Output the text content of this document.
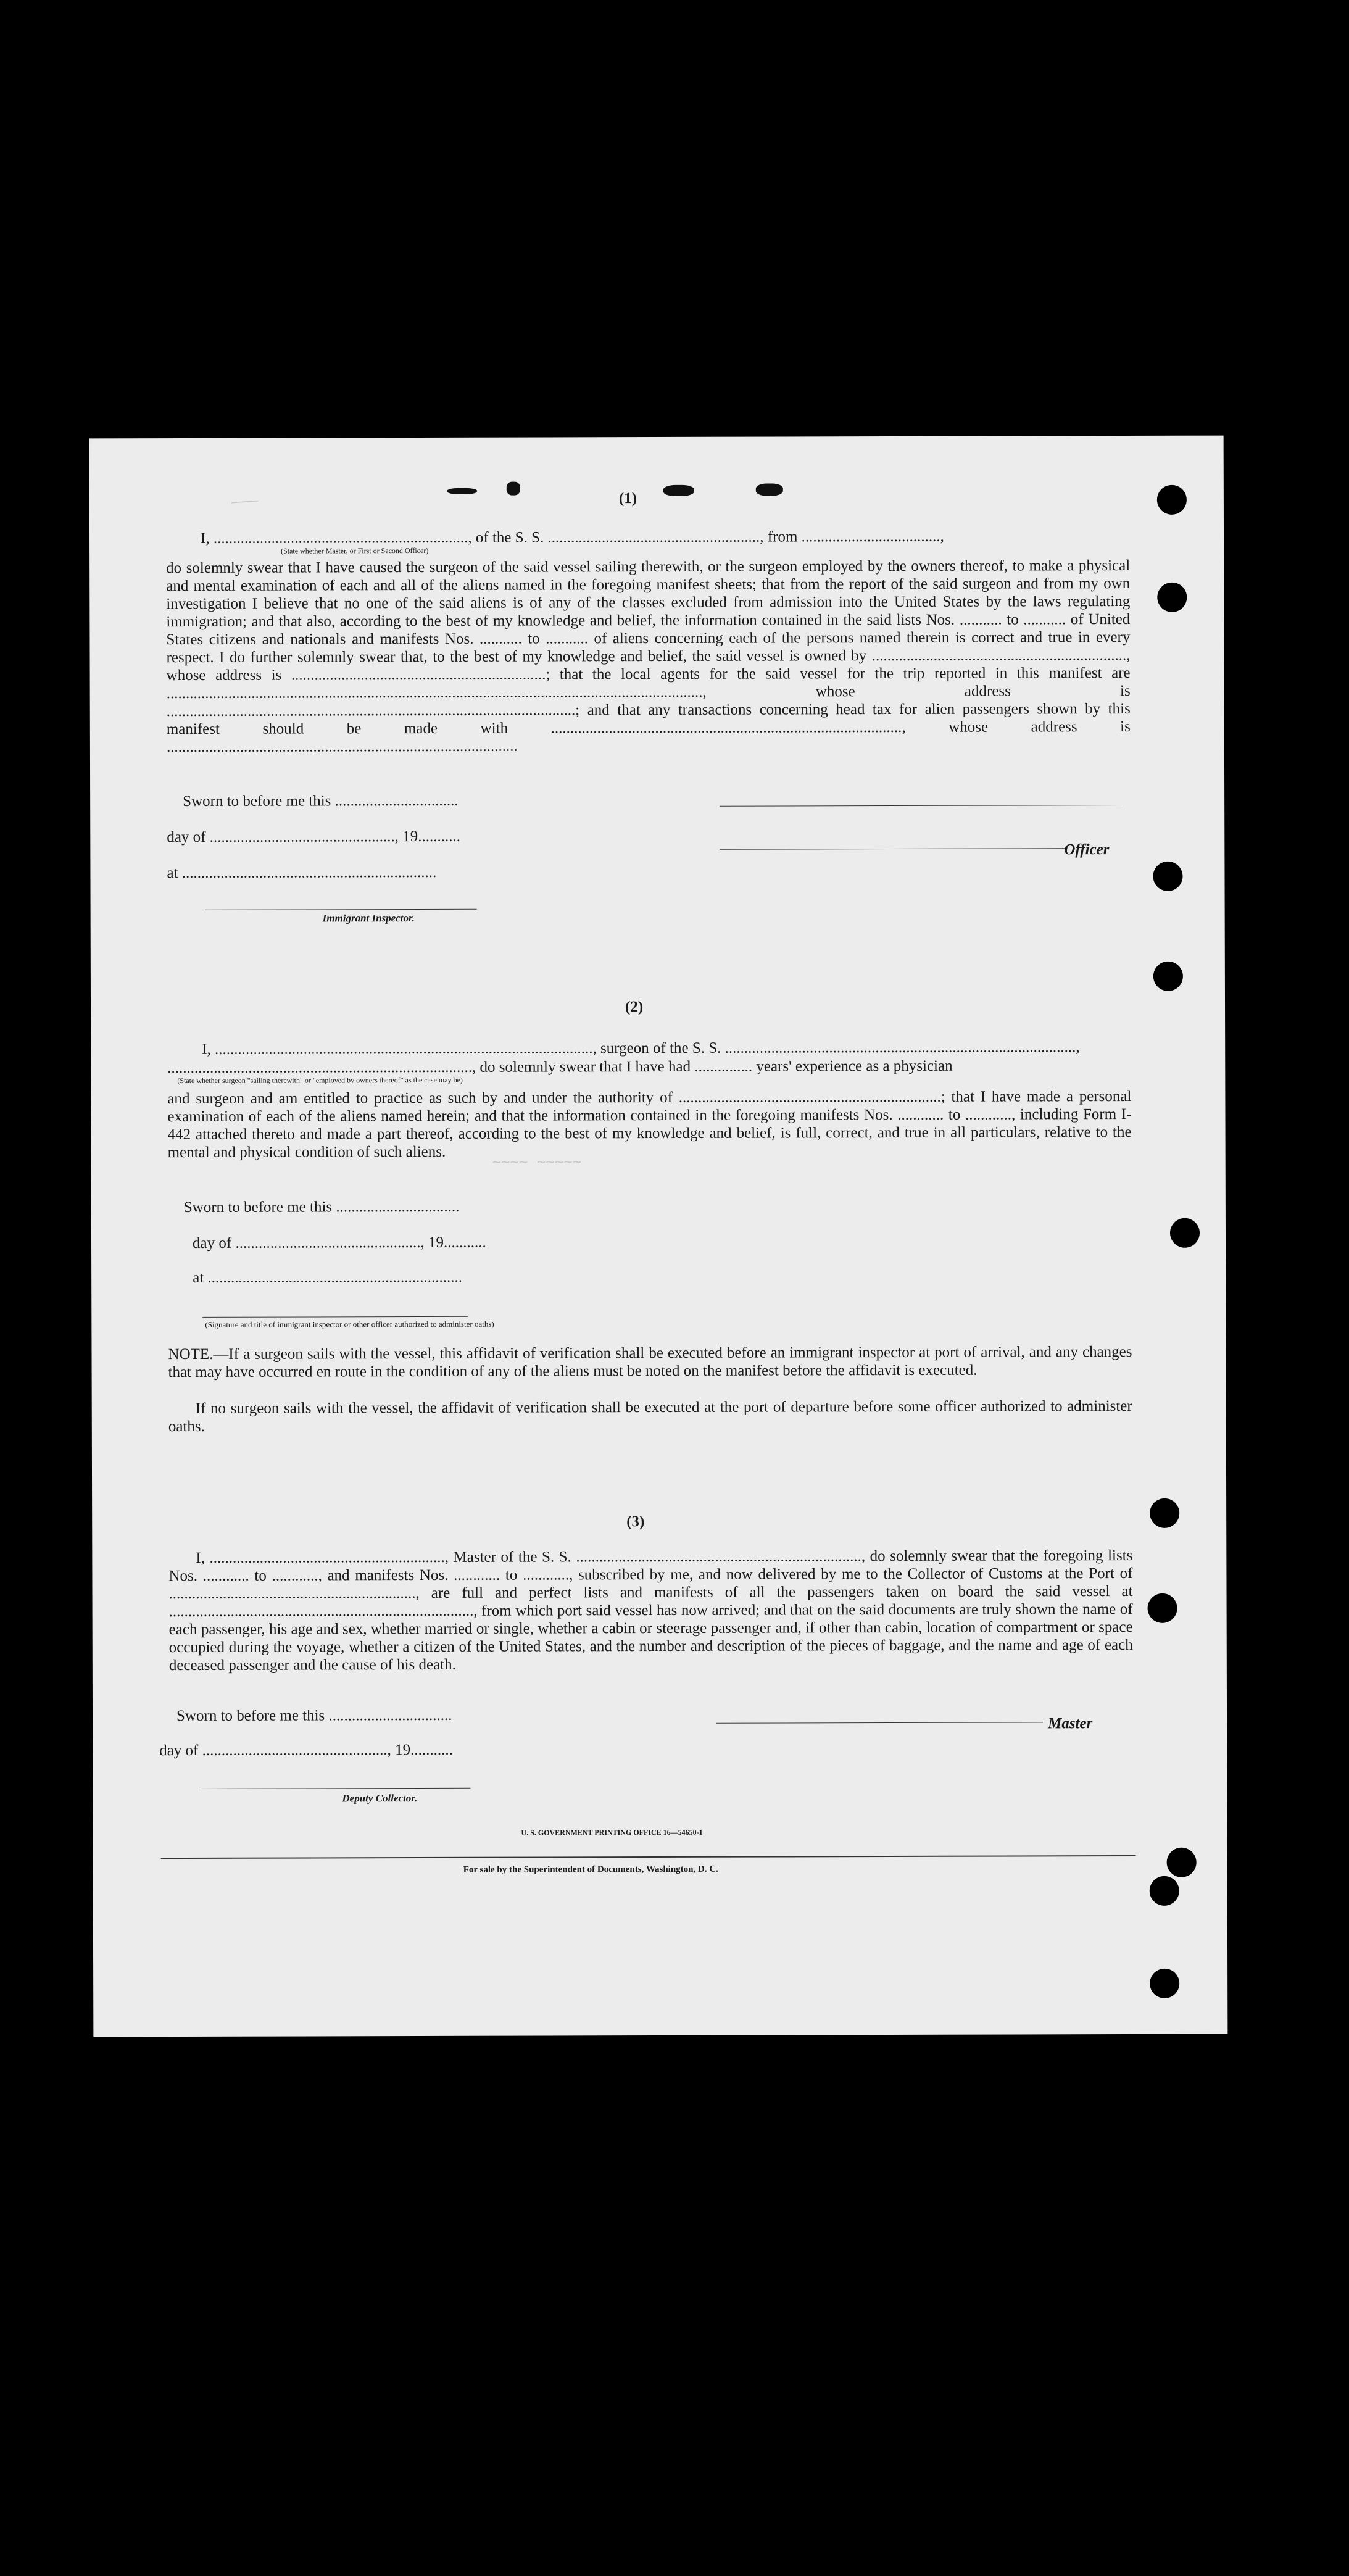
———
~~~~ ~~~~~
(1)
I, .................................................................., of the S. S. ......................................................., from ....................................,
(State whether Master, or First or Second Officer)
do solemnly swear that I have caused the surgeon of the said vessel sailing therewith, or the surgeon employed by the owners thereof, to make a physical and mental examination of each and all of the aliens named in the foregoing manifest sheets; that from the report of the said surgeon and from my own investigation I believe that no one of the said aliens is of any of the classes excluded from admission into the United States by the laws regulating immigration; and that also, according to the best of my knowledge and belief, the information contained in the said lists Nos. ........... to ........... of United States citizens and nationals and manifests Nos. ........... to ........... of aliens concerning each of the persons named therein is correct and true in every respect. I do further solemnly swear that, to the best of my knowledge and belief, the said vessel is owned by .................................................................., whose address is ..................................................................; that the local agents for the said vessel for the trip reported in this manifest are ..........................................................................................................................................., whose address is ..........................................................................................................; and that any transactions concerning head tax for alien passengers shown by this manifest should be made with ..........................................................................................., whose address is ...........................................................................................
Sworn to before me this ................................
day of ................................................, 19...........
Officer
at ..................................................................
Immigrant Inspector.
(2)
I, .................................................................................................., surgeon of the S. S. ...........................................................................................,
..............................................................................., do solemnly swear that I have had ............... years' experience as a physician
(State whether surgeon "sailing therewith" or "employed by owners thereof" as the case may be)
and surgeon and am entitled to practice as such by and under the authority of ....................................................................; that I have made a personal examination of each of the aliens named herein; and that the information contained in the foregoing manifests Nos. ............ to ............, including Form I-442 attached thereto and made a part thereof, according to the best of my knowledge and belief, is full, correct, and true in all particulars, relative to the mental and physical condition of such aliens.
Sworn to before me this ................................
day of ................................................, 19...........
at ..................................................................
(Signature and title of immigrant inspector or other officer authorized to administer oaths)
NOTE.—If a surgeon sails with the vessel, this affidavit of verification shall be executed before an immigrant inspector at port of arrival, and any changes that may have occurred en route in the condition of any of the aliens must be noted on the manifest before the affidavit is executed.
If no surgeon sails with the vessel, the affidavit of verification shall be executed at the port of departure before some officer authorized to administer oaths.
(3)
I, ............................................................., Master of the S. S. .........................................................................., do solemnly swear that the foregoing lists Nos. ............ to ............, and manifests Nos. ............ to ............, subscribed by me, and now delivered by me to the Collector of Customs at the Port of ................................................................, are full and perfect lists and manifests of all the passengers taken on board the said vessel at ..............................................................................., from which port said vessel has now arrived; and that on the said documents are truly shown the name of each passenger, his age and sex, whether married or single, whether a cabin or steerage passenger and, if other than cabin, location of compartment or space occupied during the voyage, whether a citizen of the United States, and the number and description of the pieces of baggage, and the name and age of each deceased passenger and the cause of his death.
Sworn to before me this ................................	Master
day of ................................................, 19...........
Deputy Collector.
U. S. GOVERNMENT PRINTING OFFICE 16—54650-1
For sale by the Superintendent of Documents, Washington, D. C.
